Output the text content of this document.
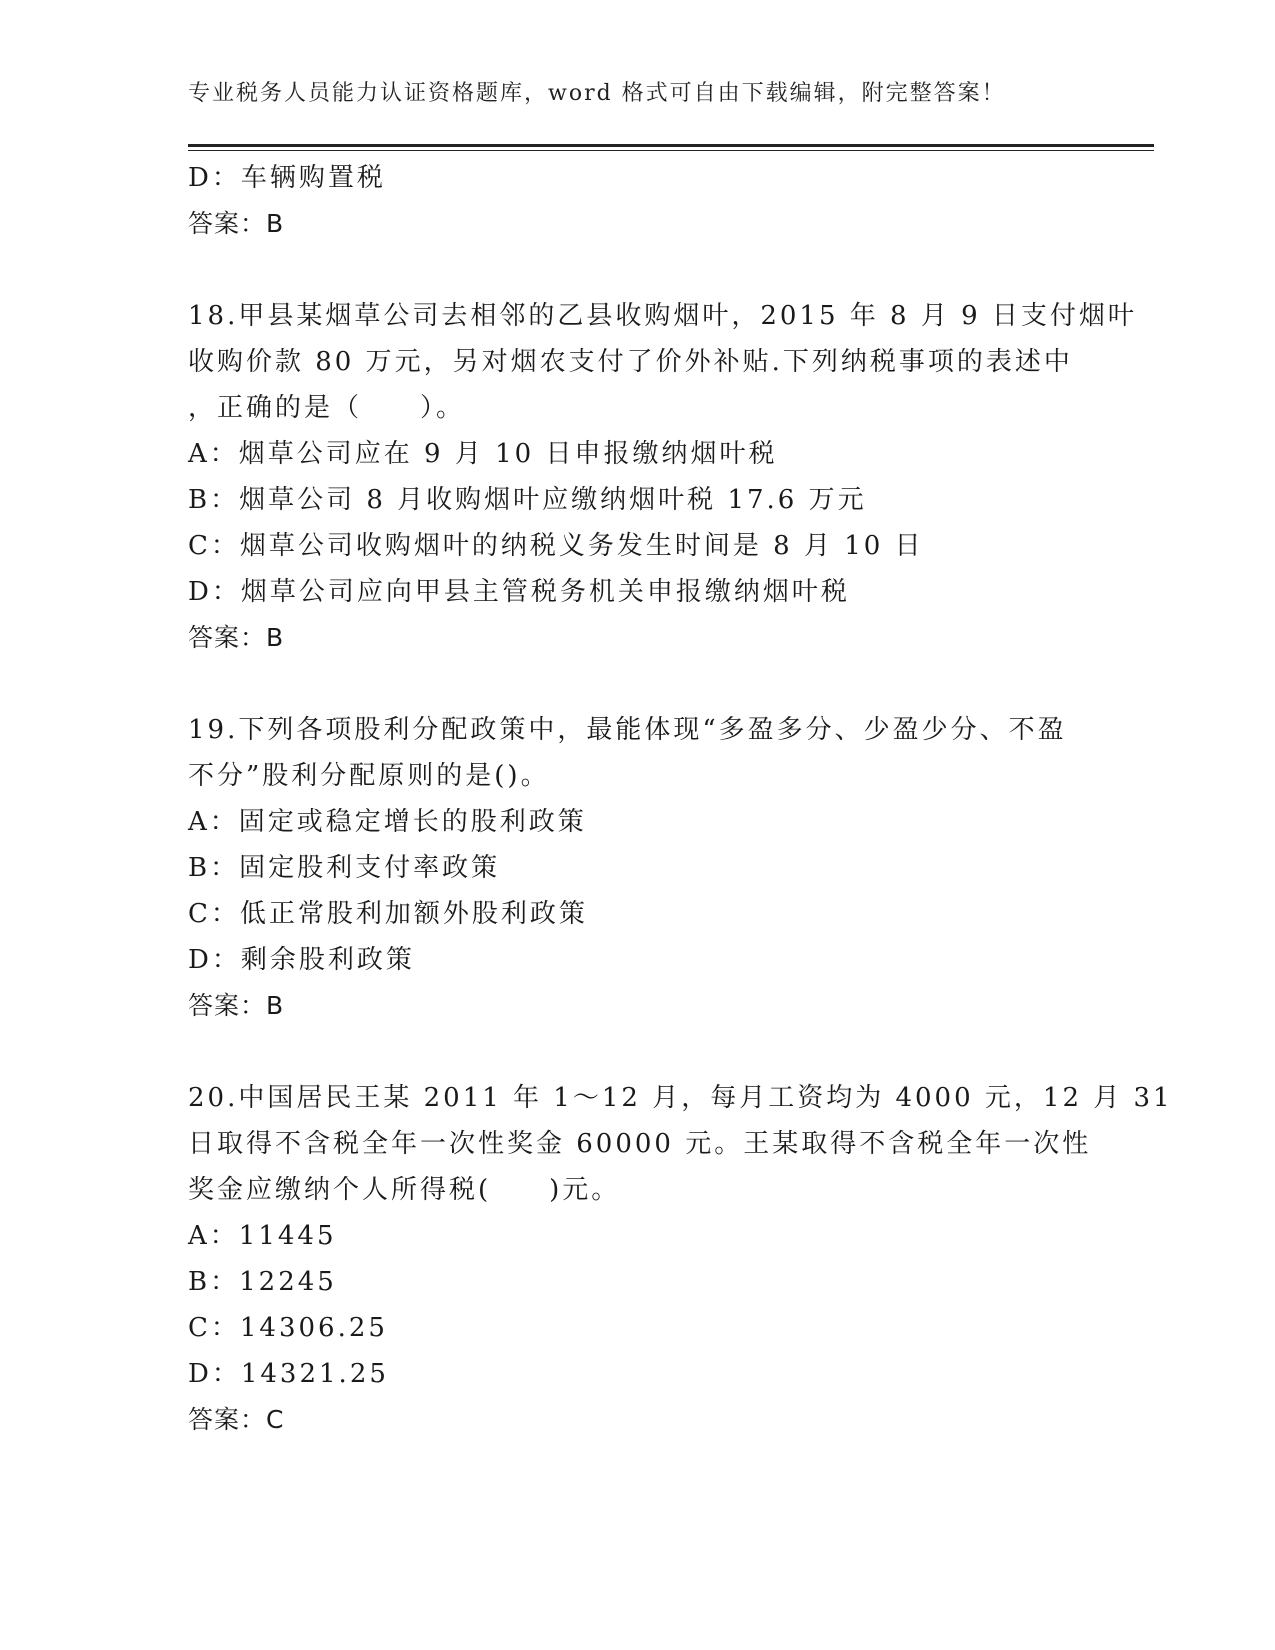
专业税务人员能力认证资格题库，word 格式可自由下载编辑，附完整答案！
D：车辆购置税
答案：B
18.甲县某烟草公司去相邻的乙县收购烟叶，2015 年 8 月 9 日支付烟叶
收购价款 80 万元，另对烟农支付了价外补贴.下列纳税事项的表述中
，正确的是（　　）。
A：烟草公司应在 9 月 10 日申报缴纳烟叶税
B：烟草公司 8 月收购烟叶应缴纳烟叶税 17.6 万元
C：烟草公司收购烟叶的纳税义务发生时间是 8 月 10 日
D：烟草公司应向甲县主管税务机关申报缴纳烟叶税
答案：B
19.下列各项股利分配政策中，最能体现“多盈多分、少盈少分、不盈
不分”股利分配原则的是()。
A：固定或稳定增长的股利政策
B：固定股利支付率政策
C：低正常股利加额外股利政策
D：剩余股利政策
答案：B
20.中国居民王某 2011 年 1～12 月，每月工资均为 4000 元，12 月 31
日取得不含税全年一次性奖金 60000 元。王某取得不含税全年一次性
奖金应缴纳个人所得税(　　)元。
A：11445
B：12245
C：14306.25
D：14321.25
答案：C
